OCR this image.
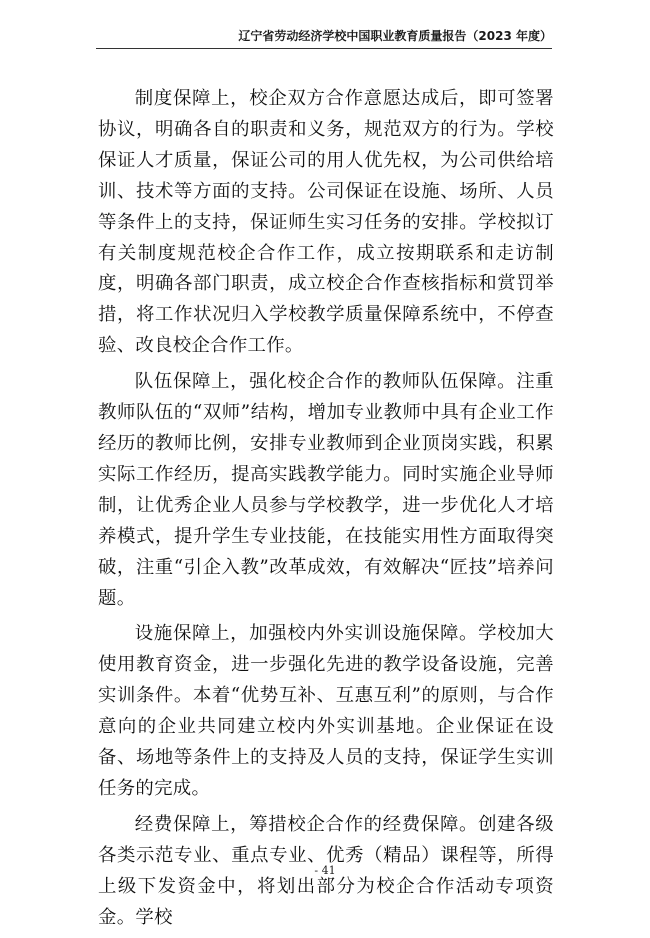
辽宁省劳动经济学校中国职业教育质量报告（2023 年度）

制度保障上，校企双方合作意愿达成后，即可签署协议，明确各自的职责和义务，规范双方的行为。学校保证人才质量，保证公司的用人优先权，为公司供给培训、技术等方面的支持。公司保证在设施、场所、人员等条件上的支持，保证师生实习任务的安排。学校拟订有关制度规范校企合作工作，成立按期联系和走访制度，明确各部门职责，成立校企合作查核指标和赏罚举措，将工作状况归入学校教学质量保障系统中，不停查验、改良校企合作工作。

队伍保障上，强化校企合作的教师队伍保障。注重教师队伍的“双师”结构，增加专业教师中具有企业工作经历的教师比例，安排专业教师到企业顶岗实践，积累实际工作经历，提高实践教学能力。同时实施企业导师制，让优秀企业人员参与学校教学，进一步优化人才培养模式，提升学生专业技能，在技能实用性方面取得突破，注重“引企入教”改革成效，有效解决“匠技”培养问题。

设施保障上，加强校内外实训设施保障。学校加大使用教育资金，进一步强化先进的教学设备设施，完善实训条件。本着“优势互补、互惠互利”的原则，与合作意向的企业共同建立校内外实训基地。企业保证在设备、场地等条件上的支持及人员的支持，保证学生实训任务的完成。

经费保障上，筹措校企合作的经费保障。创建各级各类示范专业、重点专业、优秀（精品）课程等，所得上级下发资金中，将划出部分为校企合作活动专项资金。学校

- 41
